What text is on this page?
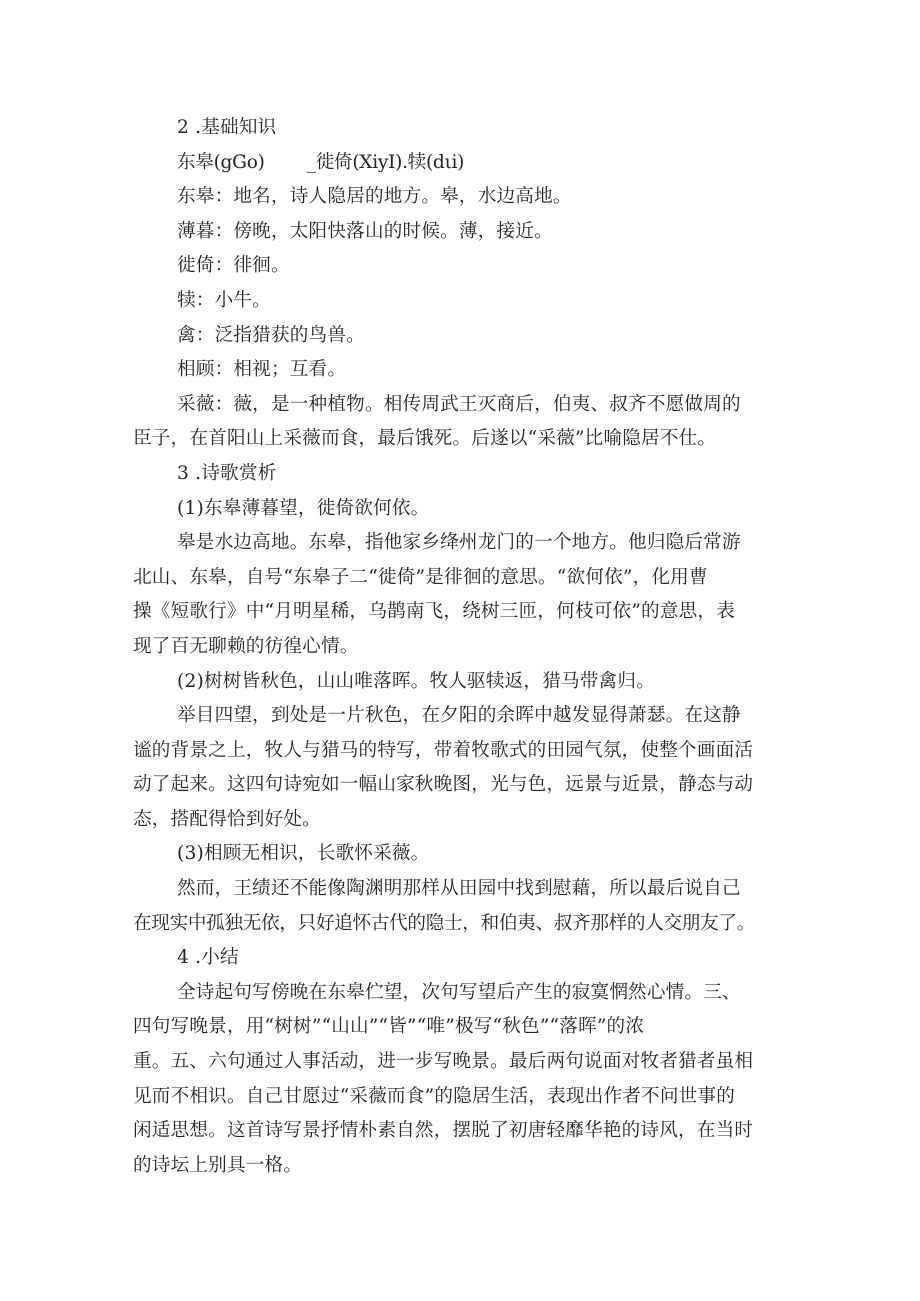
2 .基础知识
东皋(gGo)　　 _徙倚(XiyI).犊(dιi)
东皋：地名，诗人隐居的地方。皋，水边高地。
薄暮：傍晚，太阳快落山的时候。薄，接近。
徙倚：徘徊。
犊：小牛。
禽：泛指猎获的鸟兽。
相顾：相视；互看。
采薇：薇，是一种植物。相传周武王灭商后，伯夷、叔齐不愿做周的
臣子，在首阳山上采薇而食，最后饿死。后遂以“采薇”比喻隐居不仕。
3 .诗歌赏析
(1)东皋薄暮望，徙倚欲何依。
皋是水边高地。东皋，指他家乡绛州龙门的一个地方。他归隐后常游
北山、东皋，自号“东皋子二“徙倚”是徘徊的意思。“欲何依”，化用曹
操《短歌行》中“月明星稀，乌鹊南飞，绕树三匝，何枝可依”的意思，表
现了百无聊赖的彷徨心情。
(2)树树皆秋色，山山唯落晖。牧人驱犊返，猎马带禽归。
举目四望，到处是一片秋色，在夕阳的余晖中越发显得萧瑟。在这静
谧的背景之上，牧人与猎马的特写，带着牧歌式的田园气氛，使整个画面活
动了起来。这四句诗宛如一幅山家秋晚图，光与色，远景与近景，静态与动
态，搭配得恰到好处。
(3)相顾无相识，长歌怀采薇。
然而，王绩还不能像陶渊明那样从田园中找到慰藉，所以最后说自己
在现实中孤独无依，只好追怀古代的隐士，和伯夷、叔齐那样的人交朋友了。
4 .小结
全诗起句写傍晚在东皋伫望，次句写望后产生的寂寞惘然心情。三、
四句写晚景，用“树树”“山山”“皆”“唯”极写“秋色”“落晖”的浓
重。五、六句通过人事活动，进一步写晚景。最后两句说面对牧者猎者虽相
见而不相识。自己甘愿过“采薇而食”的隐居生活，表现出作者不问世事的
闲适思想。这首诗写景抒情朴素自然，摆脱了初唐轻靡华艳的诗风，在当时
的诗坛上别具一格。
